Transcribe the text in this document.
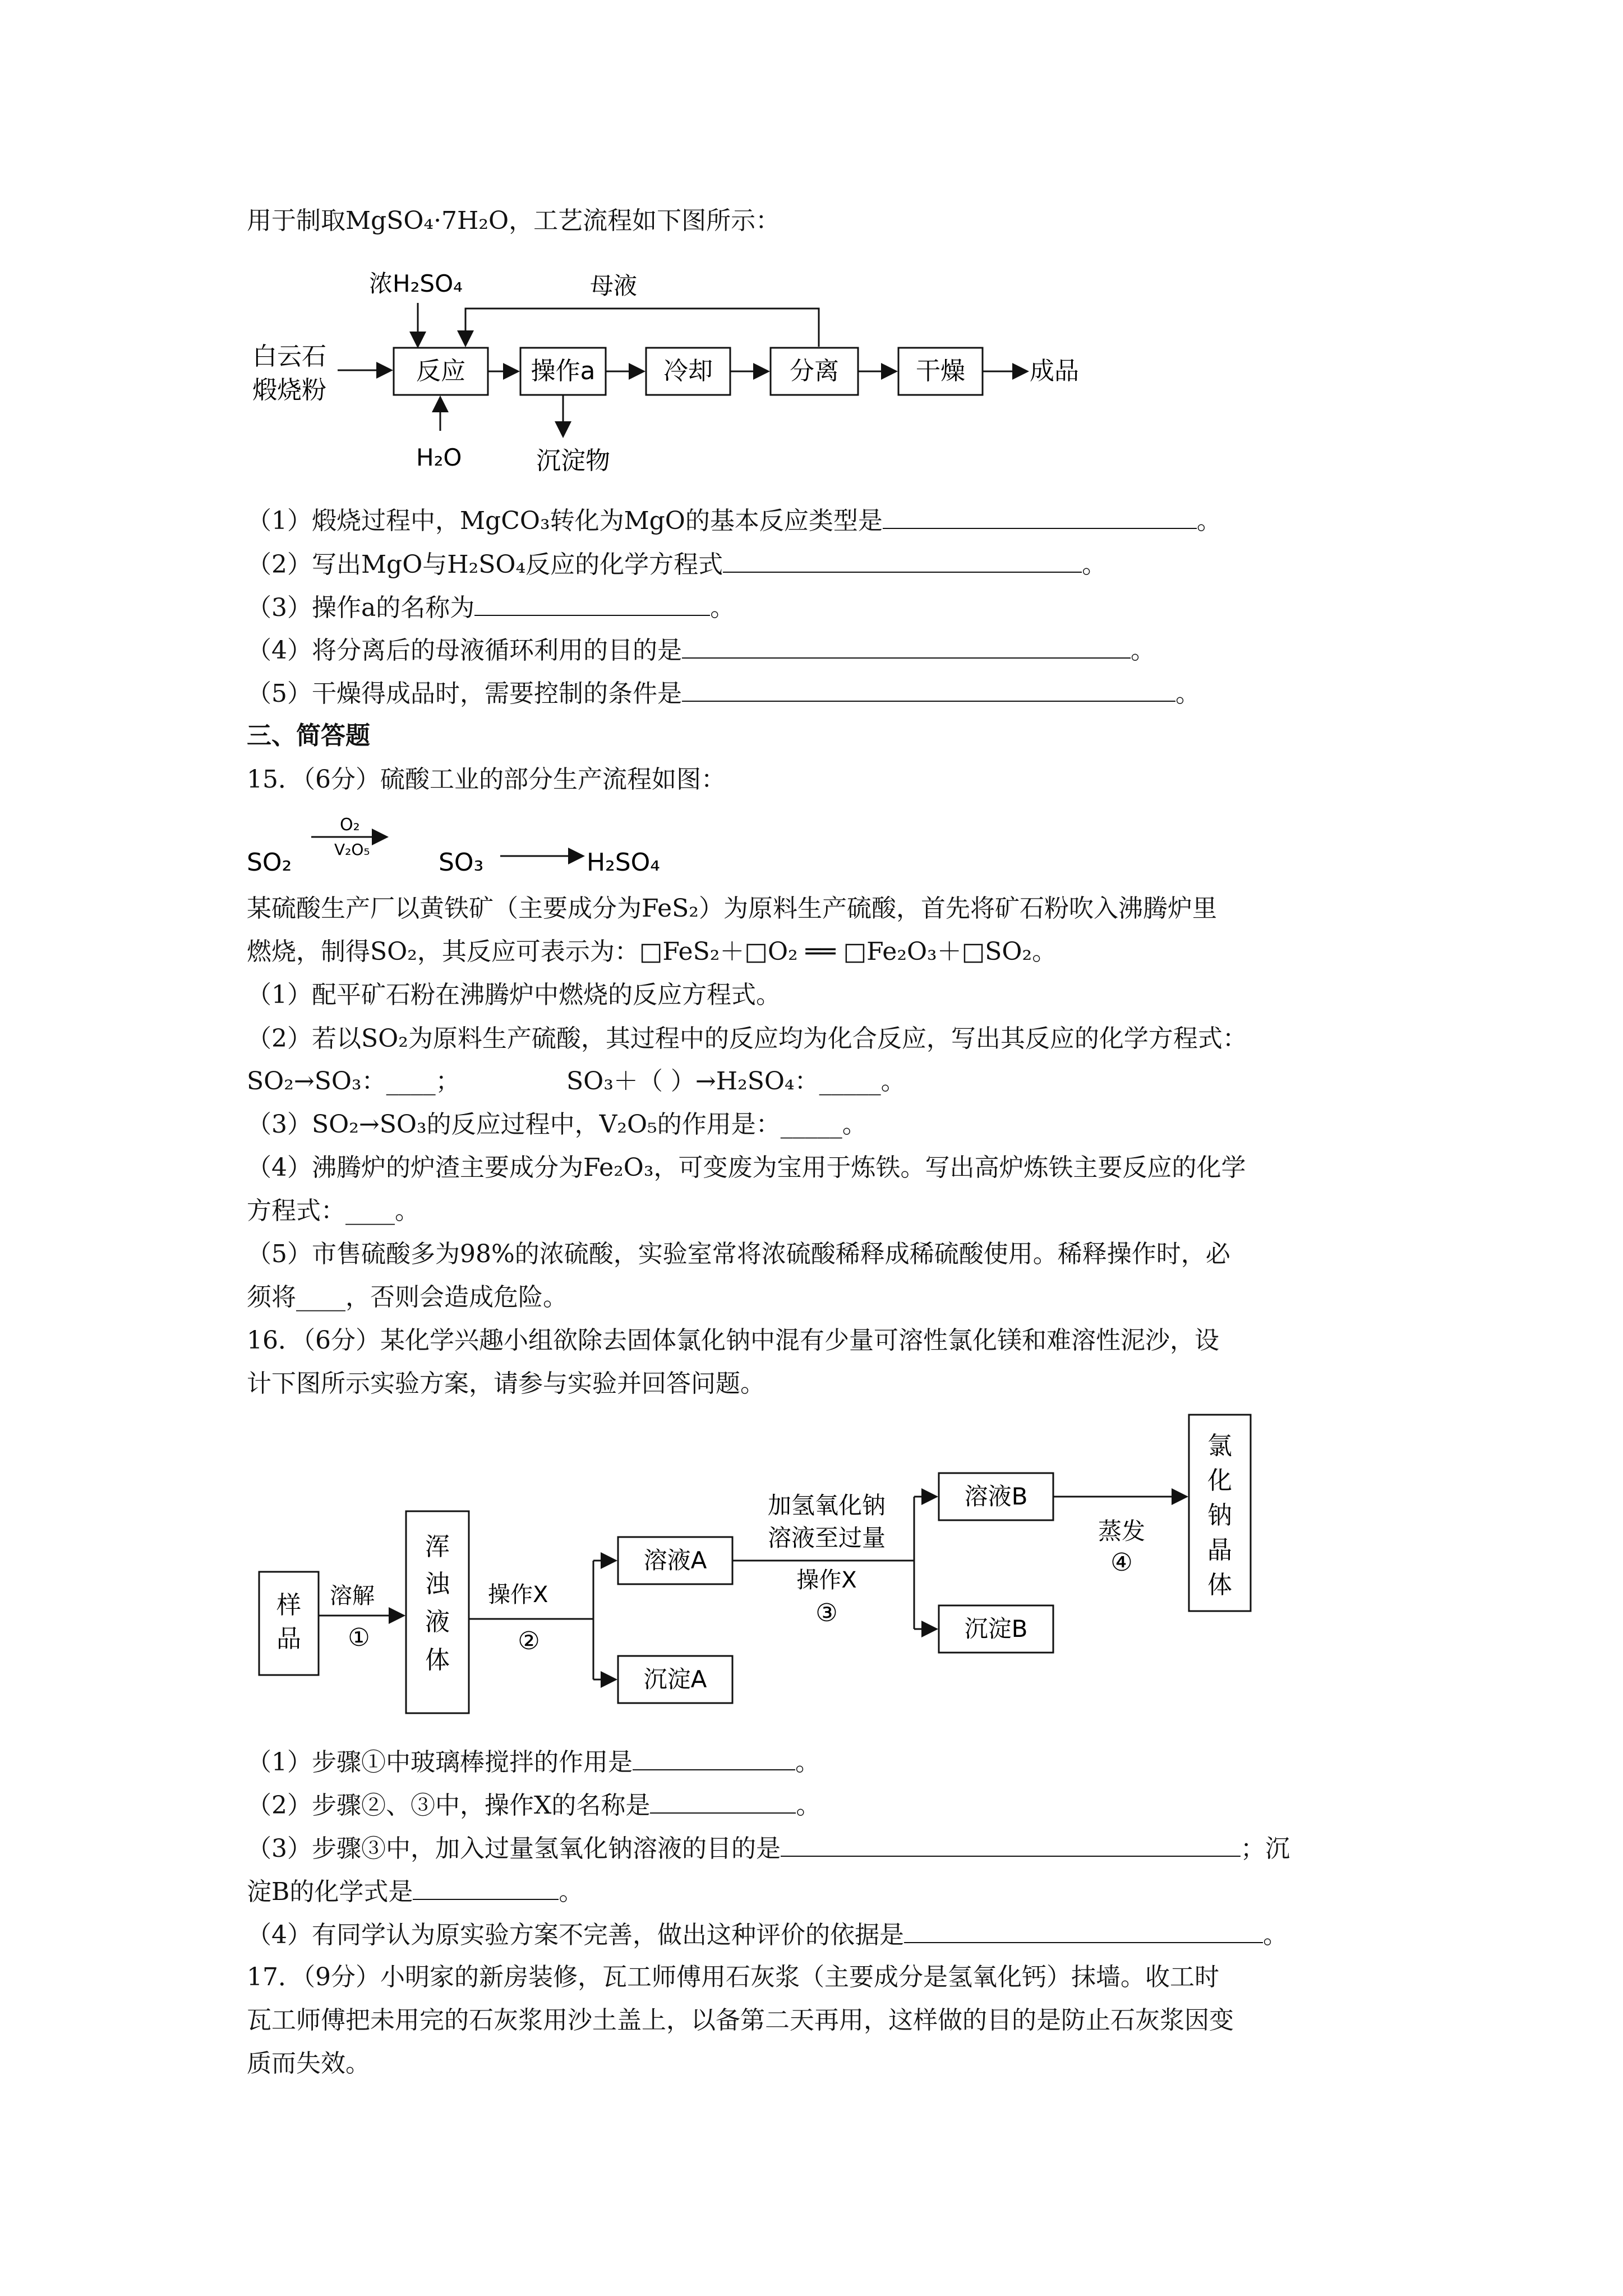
用于制取MgSO₄·7H₂O，工艺流程如下图所示：
白云石
煅烧粉
浓H₂SO₄	母液
反应	操作a	冷却	分离	干燥	成品
H₂O	沉淀物
（1）煅烧过程中，MgCO₃转化为MgO的基本反应类型是	。
（2）写出MgO与H₂SO₄反应的化学方程式	。
（3）操作a的名称为	。
（4）将分离后的母液循环利用的目的是	。
（5）干燥得成品时，需要控制的条件是	。
三、简答题
15．（6分）硫酸工业的部分生产流程如图：
SO₂
O₂
V₂O₅	SO₃	H₂SO₄
某硫酸生产厂以黄铁矿（主要成分为FeS₂）为原料生产硫酸，首先将矿石粉吹入沸腾炉里
燃烧，制得SO₂，其反应可表示为：□FeS₂＋□O₂ ══ □Fe₂O₃＋□SO₂。
（1）配平矿石粉在沸腾炉中燃烧的反应方程式。
（2）若以SO₂为原料生产硫酸，其过程中的反应均为化合反应，写出其反应的化学方程式：
SO₂→SO₃：____；	SO₃＋（ ）→H₂SO₄：_____。
（3）SO₂→SO₃的反应过程中，V₂O₅的作用是：_____。
（4）沸腾炉的炉渣主要成分为Fe₂O₃，可变废为宝用于炼铁。写出高炉炼铁主要反应的化学
方程式：____。
（5）市售硫酸多为98%的浓硫酸，实验室常将浓硫酸稀释成稀硫酸使用。稀释操作时，必
须将____，否则会造成危险。
16．（6分）某化学兴趣小组欲除去固体氯化钠中混有少量可溶性氯化镁和难溶性泥沙，设
计下图所示实验方案，请参与实验并回答问题。
样
品
溶解
①
浑
浊
液
体
操作X
②
溶液A
沉淀A
加氢氧化钠
溶液至过量
操作X
③
溶液B
沉淀B
蒸发
④
氯
化
钠
晶
体
（1）步骤①中玻璃棒搅拌的作用是	。
（2）步骤②、③中，操作X的名称是	。
（3）步骤③中，加入过量氢氧化钠溶液的目的是	；沉
淀B的化学式是	。
（4）有同学认为原实验方案不完善，做出这种评价的依据是	。
17．（9分）小明家的新房装修，瓦工师傅用石灰浆（主要成分是氢氧化钙）抹墙。收工时
瓦工师傅把未用完的石灰浆用沙土盖上，以备第二天再用，这样做的目的是防止石灰浆因变
质而失效。
